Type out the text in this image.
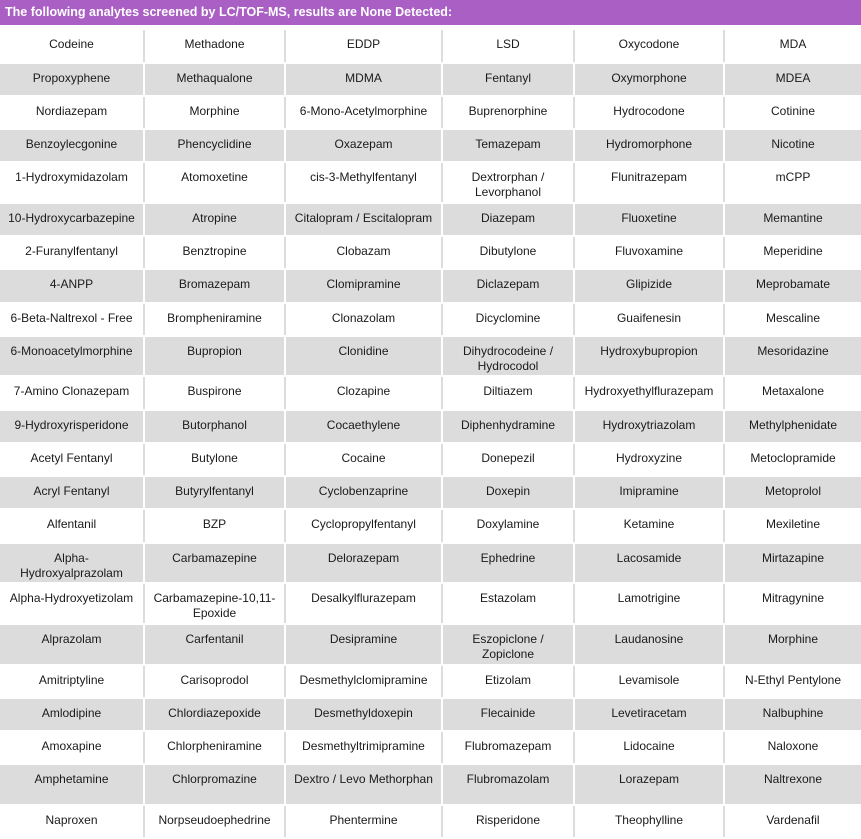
The following analytes screened by LC/TOF-MS, results are None Detected:
Codeine	Methadone	EDDP	LSD	Oxycodone	MDA
Propoxyphene	Methaqualone	MDMA	Fentanyl	Oxymorphone	MDEA
Nordiazepam	Morphine	6-Mono-Acetylmorphine	Buprenorphine	Hydrocodone	Cotinine
Benzoylecgonine	Phencyclidine	Oxazepam	Temazepam	Hydromorphone	Nicotine
1-Hydroxymidazolam	Atomoxetine	cis-3-Methylfentanyl	Dextrorphan / Levorphanol	Flunitrazepam	mCPP
10-Hydroxycarbazepine	Atropine	Citalopram / Escitalopram	Diazepam	Fluoxetine	Memantine
2-Furanylfentanyl	Benztropine	Clobazam	Dibutylone	Fluvoxamine	Meperidine
4-ANPP	Bromazepam	Clomipramine	Diclazepam	Glipizide	Meprobamate
6-Beta-Naltrexol - Free	Brompheniramine	Clonazolam	Dicyclomine	Guaifenesin	Mescaline
6-Monoacetylmorphine	Bupropion	Clonidine	Dihydrocodeine / Hydrocodol	Hydroxybupropion	Mesoridazine
7-Amino Clonazepam	Buspirone	Clozapine	Diltiazem	Hydroxyethylflurazepam	Metaxalone
9-Hydroxyrisperidone	Butorphanol	Cocaethylene	Diphenhydramine	Hydroxytriazolam	Methylphenidate
Acetyl Fentanyl	Butylone	Cocaine	Donepezil	Hydroxyzine	Metoclopramide
Acryl Fentanyl	Butyrylfentanyl	Cyclobenzaprine	Doxepin	Imipramine	Metoprolol
Alfentanil	BZP	Cyclopropylfentanyl	Doxylamine	Ketamine	Mexiletine
Alpha-Hydroxyalprazolam	Carbamazepine	Delorazepam	Ephedrine	Lacosamide	Mirtazapine
Alpha-Hydroxyetizolam	Carbamazepine-10,11-Epoxide	Desalkylflurazepam	Estazolam	Lamotrigine	Mitragynine
Alprazolam	Carfentanil	Desipramine	Eszopiclone / Zopiclone	Laudanosine	Morphine
Amitriptyline	Carisoprodol	Desmethylclomipramine	Etizolam	Levamisole	N-Ethyl Pentylone
Amlodipine	Chlordiazepoxide	Desmethyldoxepin	Flecainide	Levetiracetam	Nalbuphine
Amoxapine	Chlorpheniramine	Desmethyltrimipramine	Flubromazepam	Lidocaine	Naloxone
Amphetamine	Chlorpromazine	Dextro / Levo Methorphan	Flubromazolam	Lorazepam	Naltrexone
Naproxen	Norpseudoephedrine	Phentermine	Risperidone	Theophylline	Vardenafil
